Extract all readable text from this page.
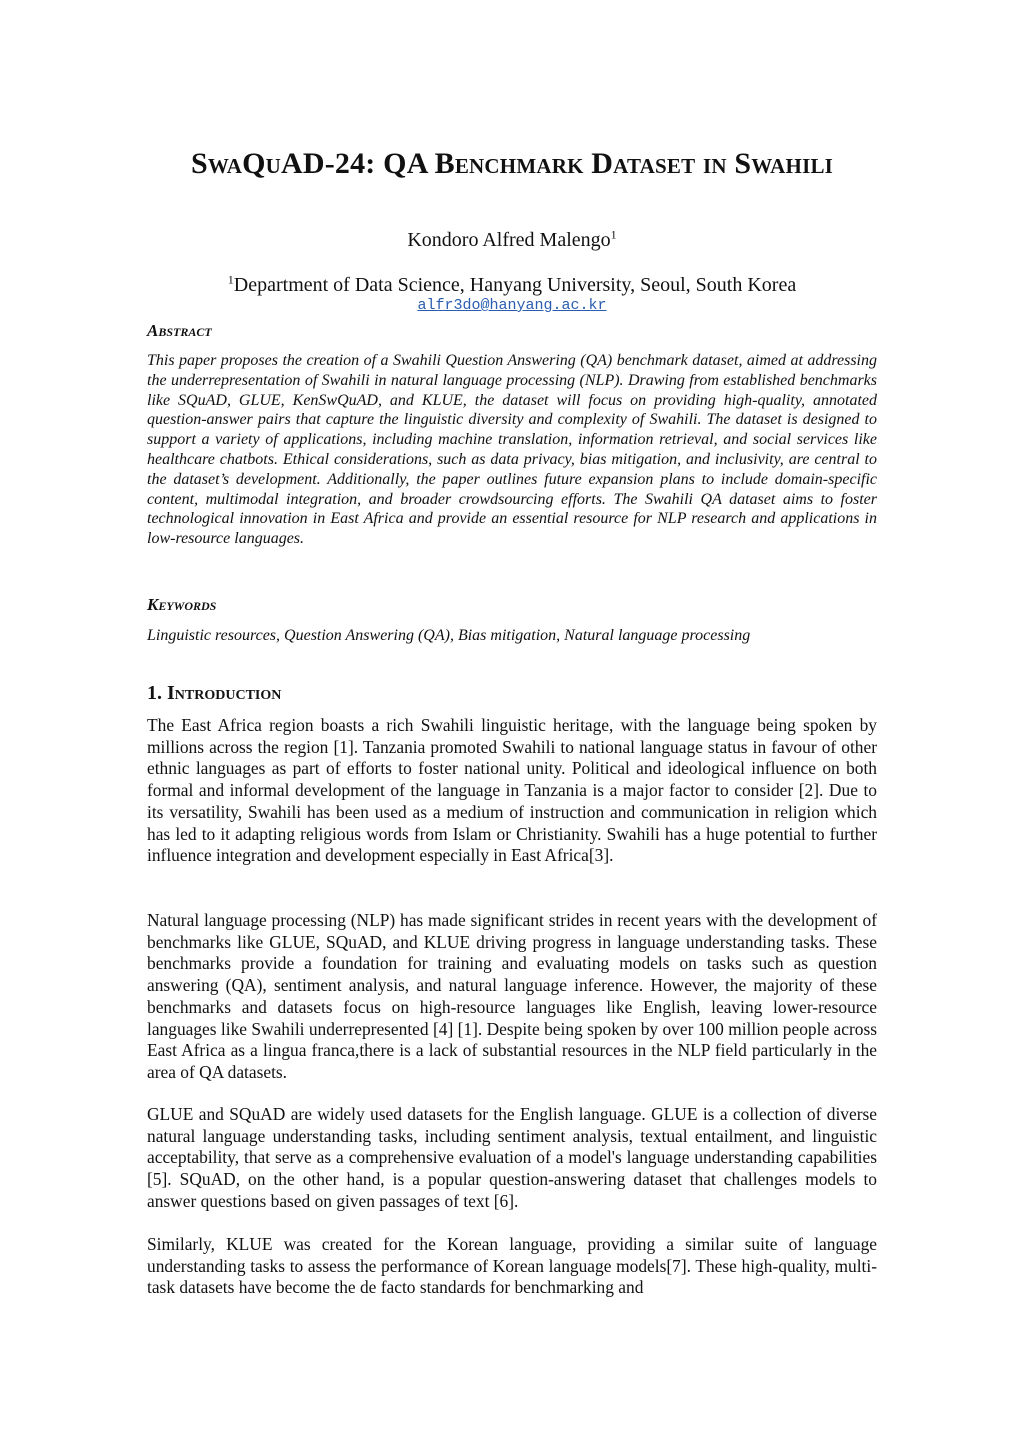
SwaQuAD-24: QA Benchmark Dataset in Swahili
Kondoro Alfred Malengo$^1$
$^1$Department of Data Science, Hanyang University, Seoul, South Korea
alfr3do@hanyang.ac.kr
Abstract
This paper proposes the creation of a Swahili Question Answering (QA) benchmark dataset, aimed at addressing the underrepresentation of Swahili in natural language processing (NLP). Drawing from established benchmarks like SQuAD, GLUE, KenSwQuAD, and KLUE, the dataset will focus on providing high-quality, annotated question-answer pairs that capture the linguistic diversity and complexity of Swahili. The dataset is designed to support a variety of applications, including machine translation, information retrieval, and social services like healthcare chatbots. Ethical considerations, such as data privacy, bias mitigation, and inclusivity, are central to the dataset’s development. Additionally, the paper outlines future expansion plans to include domain-specific content, multimodal integration, and broader crowdsourcing efforts. The Swahili QA dataset aims to foster technological innovation in East Africa and provide an essential resource for NLP research and applications in low-resource languages.
Keywords
Linguistic resources, Question Answering (QA), Bias mitigation, Natural language processing
1. Introduction
The East Africa region boasts a rich Swahili linguistic heritage, with the language being spoken by millions across the region [1]. Tanzania promoted Swahili to national language status in favour of other ethnic languages as part of efforts to foster national unity. Political and ideological influence on both formal and informal development of the language in Tanzania is a major factor to consider [2]. Due to its versatility, Swahili has been used as a medium of instruction and communication in religion which has led to it adapting religious words from Islam or Christianity. Swahili has a huge potential to further influence integration and development especially in East Africa[3].
Natural language processing (NLP) has made significant strides in recent years with the development of benchmarks like GLUE, SQuAD, and KLUE driving progress in language understanding tasks. These benchmarks provide a foundation for training and evaluating models on tasks such as question answering (QA), sentiment analysis, and natural language inference. However, the majority of these benchmarks and datasets focus on high-resource languages like English, leaving lower-resource languages like Swahili underrepresented [4] [1]. Despite being spoken by over 100 million people across East Africa as a lingua franca,there is a lack of substantial resources in the NLP field particularly in the area of QA datasets.
GLUE and SQuAD are widely used datasets for the English language. GLUE is a collection of diverse natural language understanding tasks, including sentiment analysis, textual entailment, and linguistic acceptability, that serve as a comprehensive evaluation of a model's language understanding capabilities [5]. SQuAD, on the other hand, is a popular question-answering dataset that challenges models to answer questions based on given passages of text [6].
Similarly, KLUE was created for the Korean language, providing a similar suite of language understanding tasks to assess the performance of Korean language models[7]. These high-quality, multi-task datasets have become the de facto standards for benchmarking and
